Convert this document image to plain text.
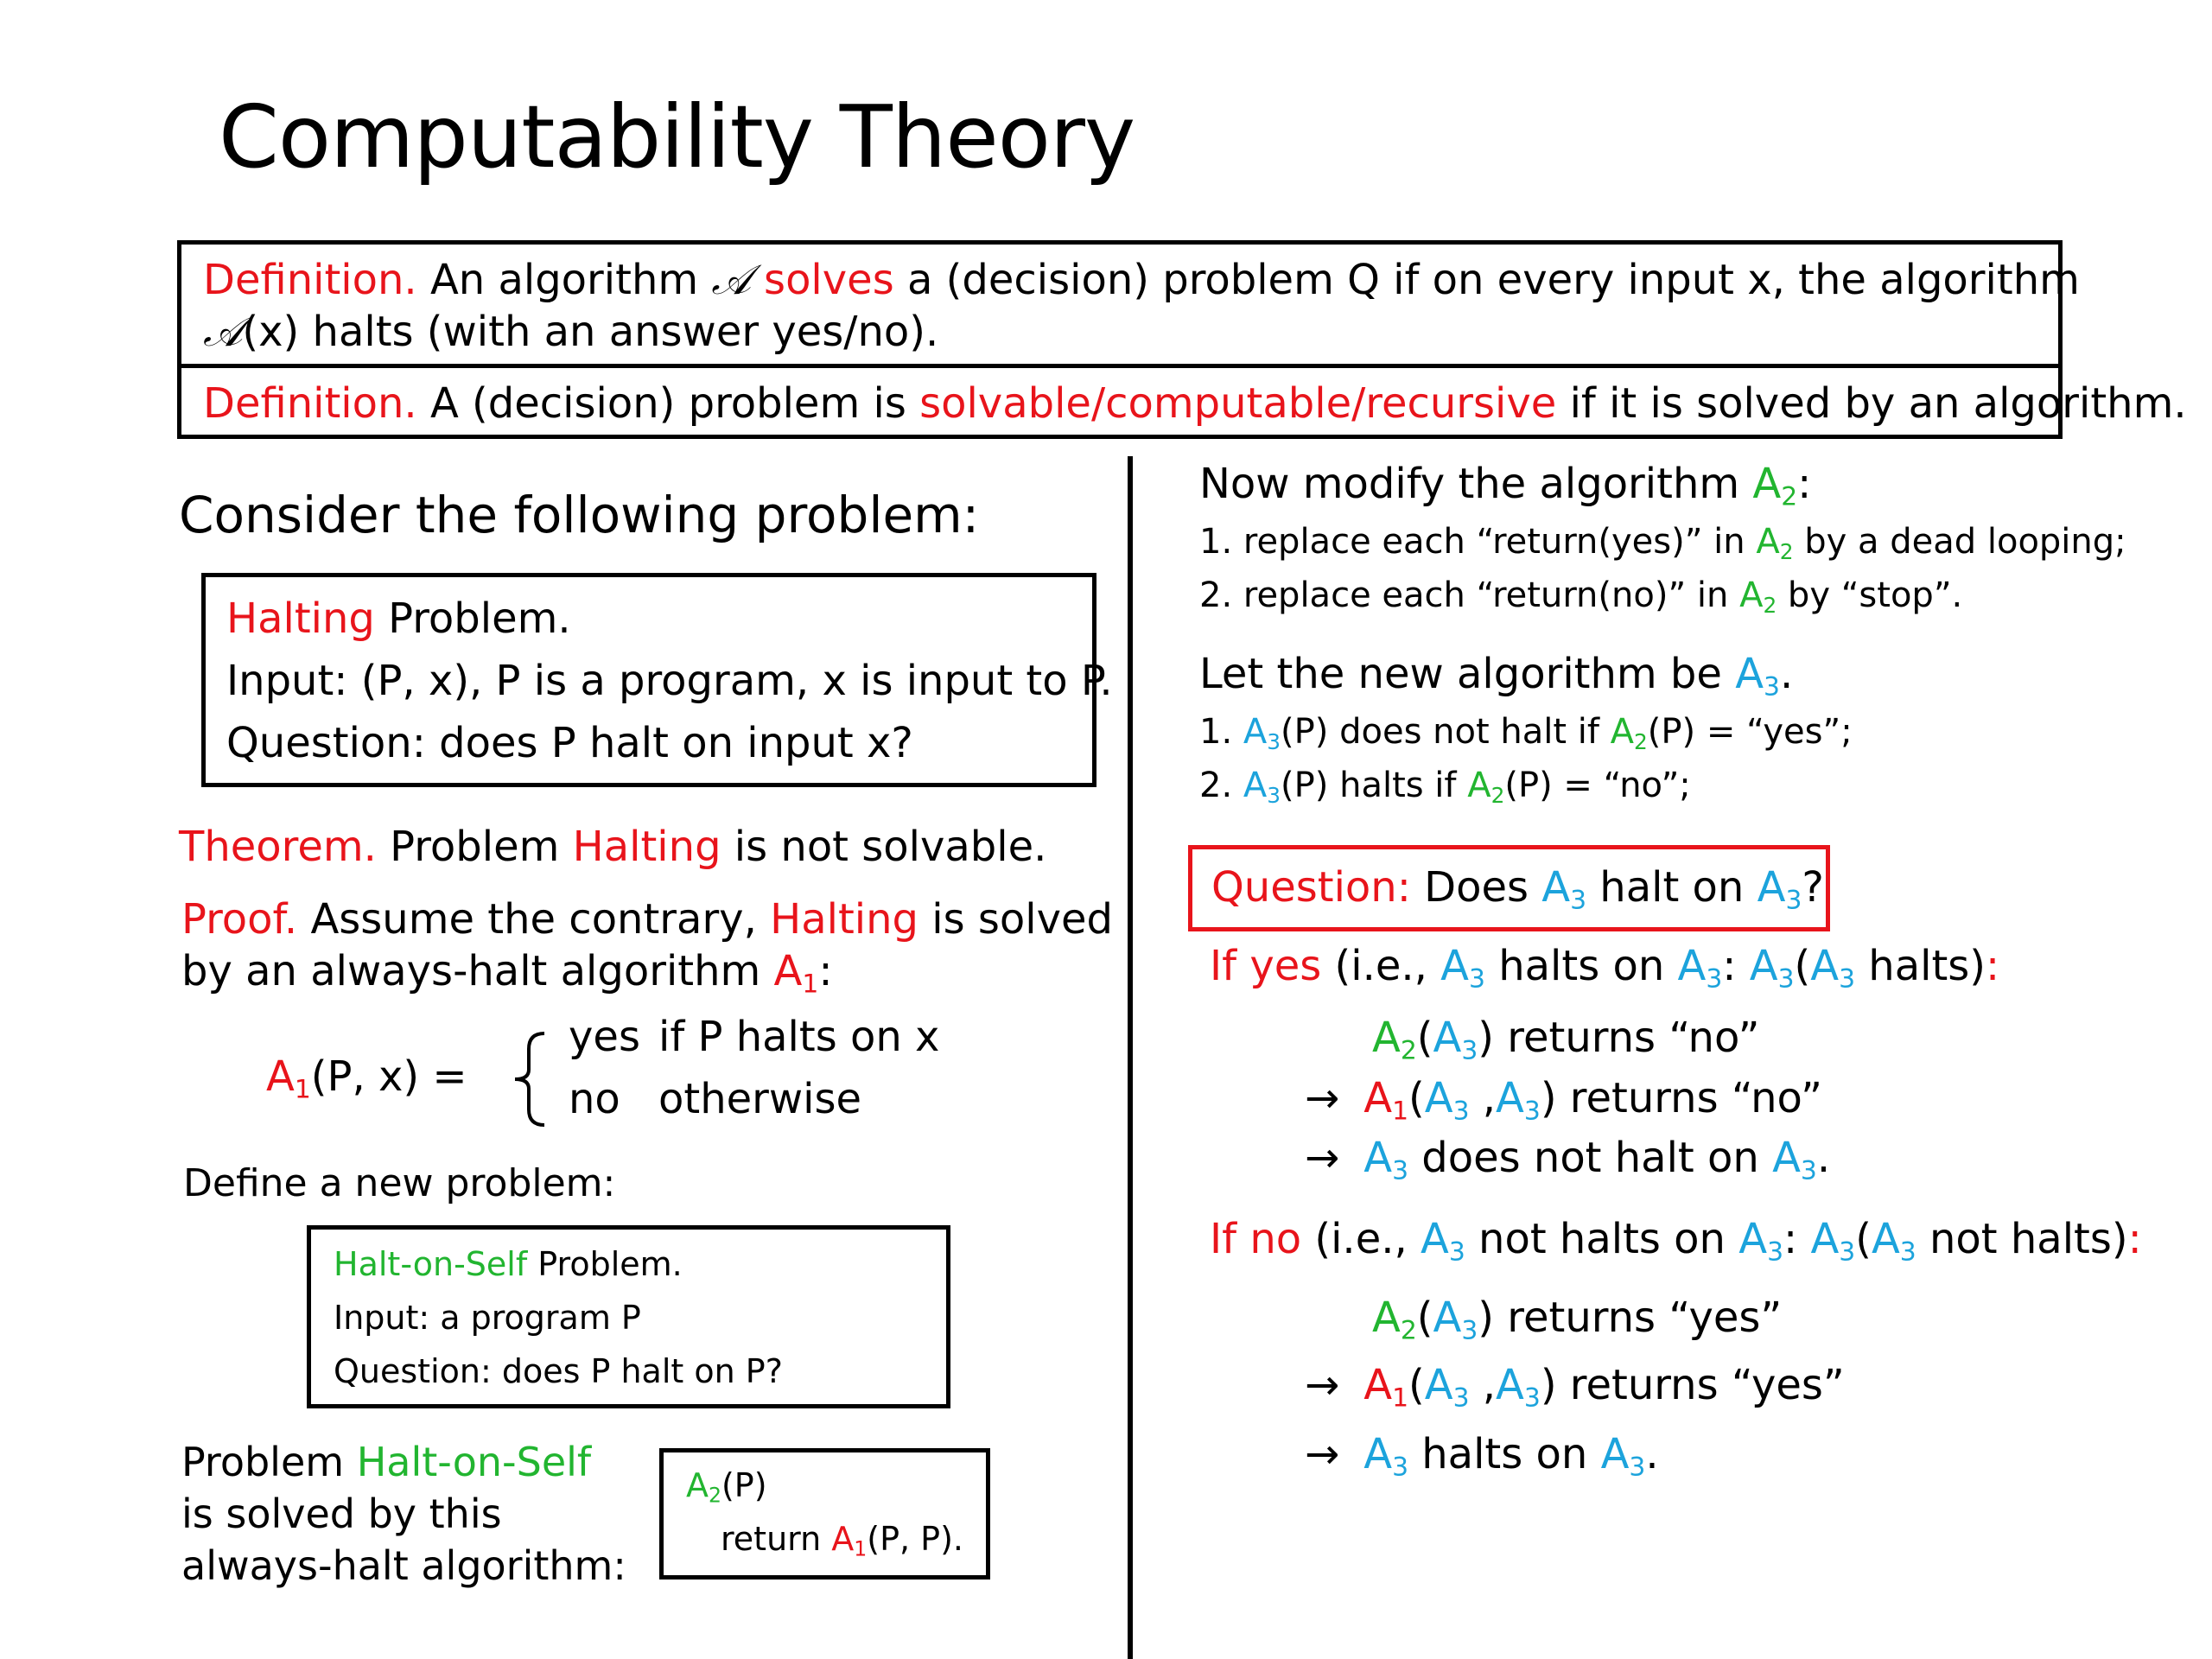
Computability Theory
Definition. An algorithm 𝒜 solves a (decision) problem Q if on every input x, the algorithm
𝒜(x) halts (with an answer yes/no).
Definition. A (decision) problem is solvable/computable/recursive if it is solved by an algorithm.
Consider the following problem:
Halting Problem.
Input: (P, x), P is a program, x is input to P.
Question: does P halt on input x?
Theorem. Problem Halting is not solvable.
Proof. Assume the contrary, Halting is solved
by an always-halt algorithm $A_1$:
$A_1(P$, x) =
yes if P halts on x
no otherwise
Define a new problem:
Halt-on-Self Problem.
Input: a program P
Question: does P halt on P?
Problem Halt-on-Self
is solved by this
always-halt algorithm:
$A_2(P)$
return $A_1(P$, P).
Now modify the algorithm $A_2$:
1. replace each “return(yes)” in $A_2$ by a dead looping;
2. replace each “return(no)” in $A_2$ by “stop”.
Let the new algorithm be $A_3$.
1. $A_3(P)$ does not halt if $A_2(P)$ = “yes”;
2. $A_3(P)$ halts if $A_2(P)$ = “no”;
Question: Does $A_3$ halt on $A_3$?
If yes (i.e., $A_3$ halts on $A_3$: $A_3(A_3$ halts):
$A_2(A_3)$ returns “no”
→ $A_1(A_3$ $,A_3$) returns “no”
→ $A_3$ does not halt on $A_3$.
If no (i.e., $A_3$ not halts on $A_3$: $A_3(A_3$ not halts):
$A_2(A_3)$ returns “yes”
→ $A_1(A_3$ $,A_3$) returns “yes”
→ $A_3$ halts on $A_3$.
